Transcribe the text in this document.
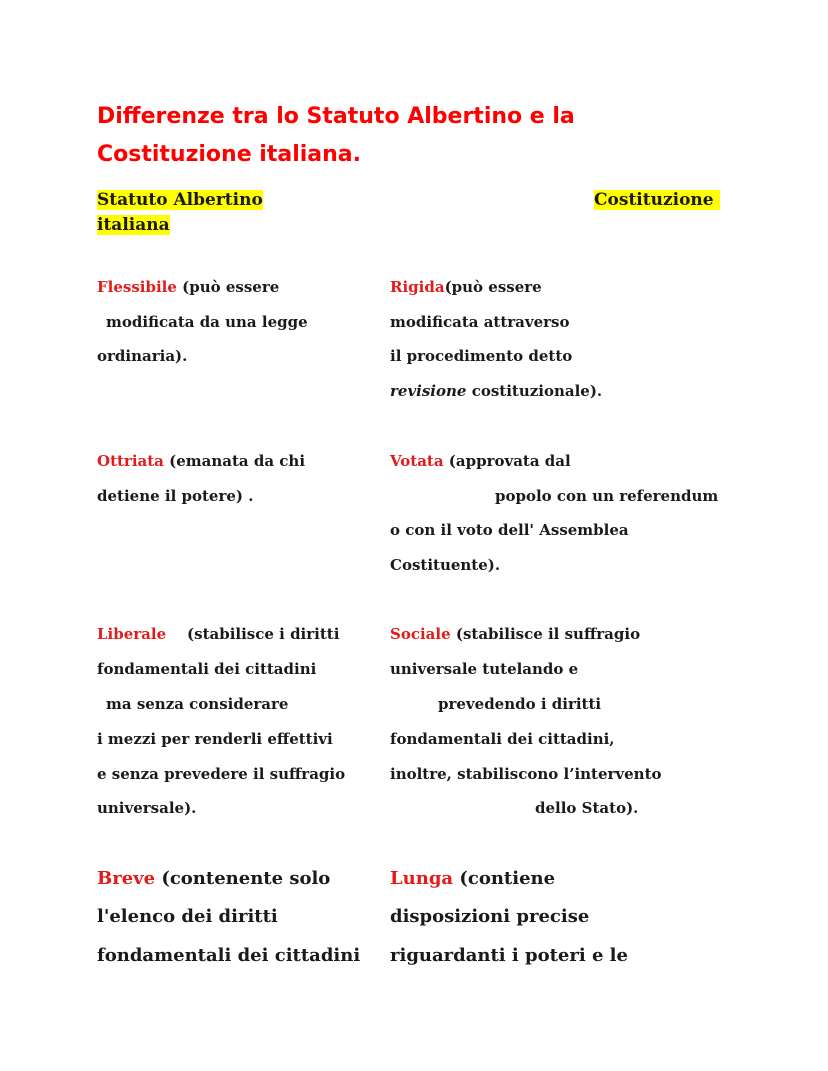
Differenze tra lo Statuto Albertino e la Costituzione italiana.
Statuto Albertino	Costituzione
italiana
Flessibile (può essere
modificata da una legge
ordinaria).
Rigida(può essere
modificata attraverso
il procedimento detto
revisione costituzionale).
Ottriata (emanata da chi
detiene il potere) .
Votata (approvata dal
popolo con un referendum
o con il voto dell' Assemblea
Costituente).
Liberale    (stabilisce i diritti
fondamentali dei cittadini
ma senza considerare
i mezzi per renderli effettivi
e senza prevedere il suffragio
universale).
Sociale (stabilisce il suffragio
universale tutelando e
prevedendo i diritti
fondamentali dei cittadini,
inoltre, stabiliscono l’intervento
dello Stato).
Breve (contenente solo
l'elenco dei diritti
fondamentali dei cittadini
Lunga (contiene
disposizioni precise
riguardanti i poteri e le
